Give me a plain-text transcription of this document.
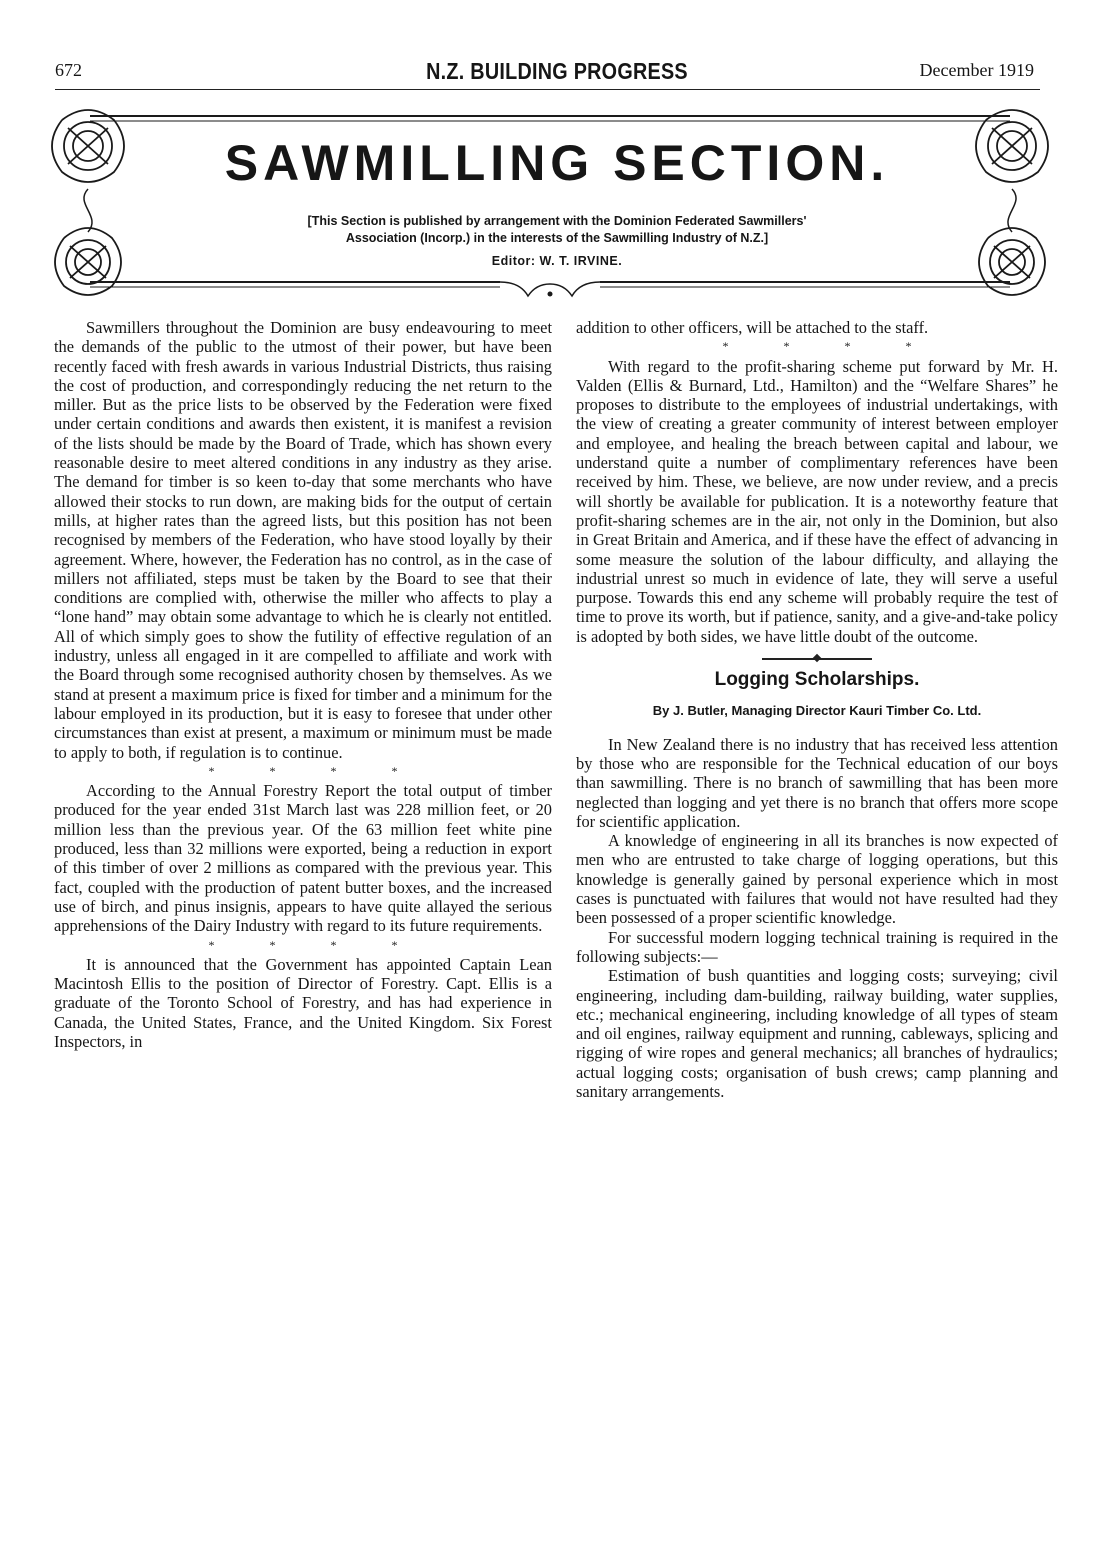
672	N.Z. BUILDING PROGRESS	December 1919
SAWMILLING SECTION.
[This Section is published by arrangement with the Dominion Federated Sawmillers'
Association (Incorp.) in the interests of the Sawmilling Industry of N.Z.]
Editor: W. T. IRVINE.

Sawmillers throughout the Dominion are busy endeavouring to meet the demands of the public to the utmost of their power, but have been recently faced with fresh awards in various Industrial Districts, thus raising the cost of production, and correspondingly reducing the net return to the miller. But as the price lists to be observed by the Federation were fixed under certain conditions and awards then existent, it is manifest a revision of the lists should be made by the Board of Trade, which has shown every reasonable desire to meet altered conditions in any industry as they arise. The demand for timber is so keen to-day that some merchants who have allowed their stocks to run down, are making bids for the output of certain mills, at higher rates than the agreed lists, but this position has not been recognised by members of the Federation, who have stood loyally by their agreement. Where, however, the Federation has no control, as in the case of millers not affiliated, steps must be taken by the Board to see that their conditions are complied with, otherwise the miller who affects to play a “lone hand” may obtain some advantage to which he is clearly not entitled. All of which simply goes to show the futility of effective regulation of an industry, unless all engaged in it are compelled to affiliate and work with the Board through some recognised authority chosen by themselves. As we stand at present a maximum price is fixed for timber and a minimum for the labour employed in its production, but it is easy to foresee that under other circumstances than exist at present, a maximum or minimum must be made to apply to both, if regulation is to continue.

* * * *

According to the Annual Forestry Report the total output of timber produced for the year ended 31st March last was 228 million feet, or 20 million less than the previous year. Of the 63 million feet white pine produced, less than 32 millions were exported, being a reduction in export of this timber of over 2 millions as compared with the previous year. This fact, coupled with the production of patent butter boxes, and the increased use of birch, and pinus insignis, appears to have quite allayed the serious apprehensions of the Dairy Industry with regard to its future requirements.

* * * *

It is announced that the Government has appointed Captain Lean Macintosh Ellis to the position of Director of Forestry. Capt. Ellis is a graduate of the Toronto School of Forestry, and has had experience in Canada, the United States, France, and the United Kingdom. Six Forest Inspectors, in

addition to other officers, will be attached to the staff.

* * * *

With regard to the profit-sharing scheme put forward by Mr. H. Valden (Ellis & Burnard, Ltd., Hamilton) and the “Welfare Shares” he proposes to distribute to the employees of industrial undertakings, with the view of creating a greater community of interest between employer and employee, and healing the breach between capital and labour, we understand quite a number of complimentary references have been received by him. These, we believe, are now under review, and a precis will shortly be available for publication. It is a noteworthy feature that profit-sharing schemes are in the air, not only in the Dominion, but also in Great Britain and America, and if these have the effect of advancing in some measure the solution of the labour difficulty, and allaying the industrial unrest so much in evidence of late, they will serve a useful purpose. Towards this end any scheme will probably require the test of time to prove its worth, but if patience, sanity, and a give-and-take policy is adopted by both sides, we have little doubt of the outcome.

Logging Scholarships.
By J. Butler, Managing Director Kauri Timber Co. Ltd.

In New Zealand there is no industry that has received less attention by those who are responsible for the Technical education of our boys than sawmilling. There is no branch of sawmilling that has been more neglected than logging and yet there is no branch that offers more scope for scientific application.

A knowledge of engineering in all its branches is now expected of men who are entrusted to take charge of logging operations, but this knowledge is generally gained by personal experience which in most cases is punctuated with failures that would not have resulted had they been possessed of a proper scientific knowledge.

For successful modern logging technical training is required in the following subjects:—

Estimation of bush quantities and logging costs; surveying; civil engineering, including dam-building, railway building, water supplies, etc.; mechanical engineering, including knowledge of all types of steam and oil engines, railway equipment and running, cableways, splicing and rigging of wire ropes and general mechanics; all branches of hydraulics; actual logging costs; organisation of bush crews; camp planning and sanitary arrangements.
